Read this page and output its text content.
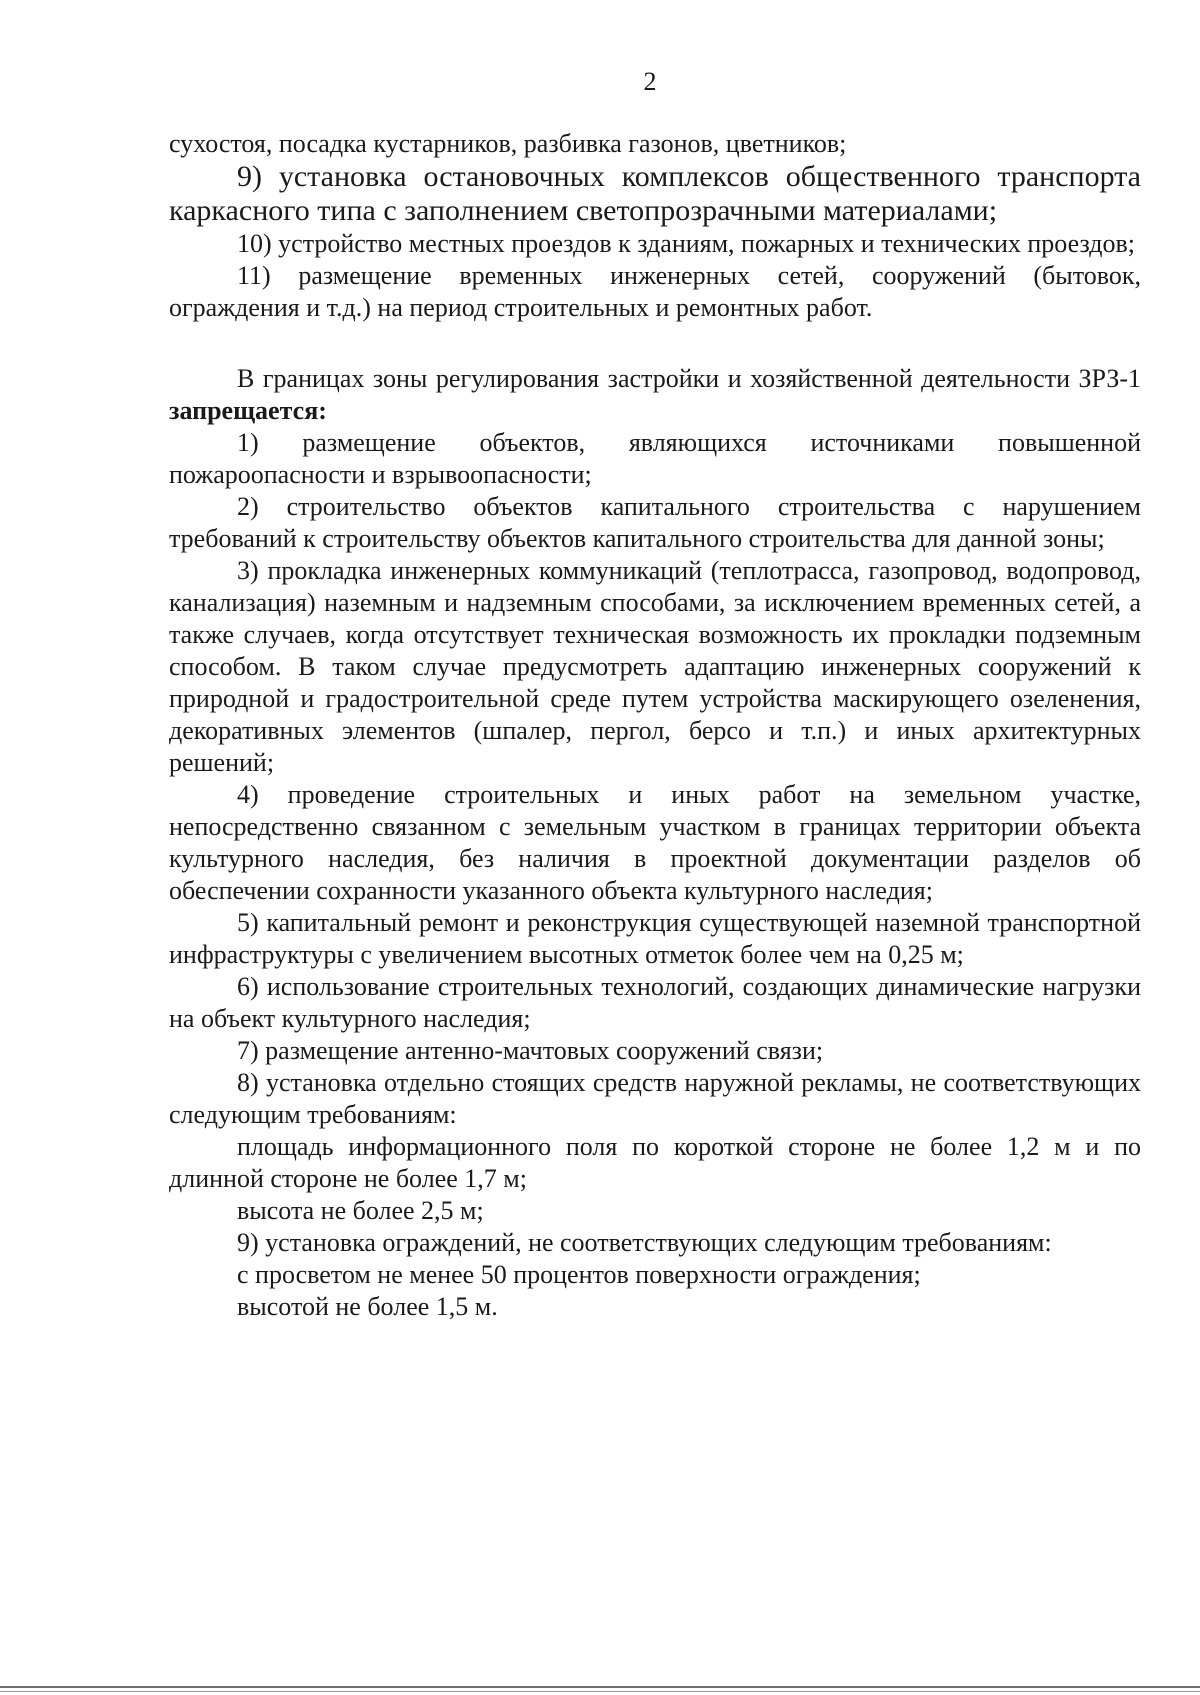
2

сухостоя, посадка кустарников, разбивка газонов, цветников;

9) установка остановочных комплексов общественного транспорта каркасного типа с заполнением светопрозрачными материалами;

10) устройство местных проездов к зданиям, пожарных и технических проездов;

11) размещение временных инженерных сетей, сооружений (бытовок, ограждения и т.д.) на период строительных и ремонтных работ.

В границах зоны регулирования застройки и хозяйственной деятельности ЗРЗ-1 запрещается:

1) размещение объектов, являющихся источниками повышенной пожароопасности и взрывоопасности;

2) строительство объектов капитального строительства с нарушением требований к строительству объектов капитального строительства для данной зоны;

3) прокладка инженерных коммуникаций (теплотрасса, газопровод, водопровод, канализация) наземным и надземным способами, за исключением временных сетей, а также случаев, когда отсутствует техническая возможность их прокладки подземным способом. В таком случае предусмотреть адаптацию инженерных сооружений к природной и градостроительной среде путем устройства маскирующего озеленения, декоративных элементов (шпалер, пергол, берсо и т.п.) и иных архитектурных решений;

4) проведение строительных и иных работ на земельном участке, непосредственно связанном с земельным участком в границах территории объекта культурного наследия, без наличия в проектной документации разделов об обеспечении сохранности указанного объекта культурного наследия;

5) капитальный ремонт и реконструкция существующей наземной транспортной инфраструктуры с увеличением высотных отметок более чем на 0,25 м;

6) использование строительных технологий, создающих динамические нагрузки на объект культурного наследия;

7) размещение антенно-мачтовых сооружений связи;

8) установка отдельно стоящих средств наружной рекламы, не соответствующих следующим требованиям:

площадь информационного поля по короткой стороне не более 1,2 м и по длинной стороне не более 1,7 м;

высота не более 2,5 м;

9) установка ограждений, не соответствующих следующим требованиям:

с просветом не менее 50 процентов поверхности ограждения;

высотой не более 1,5 м.
